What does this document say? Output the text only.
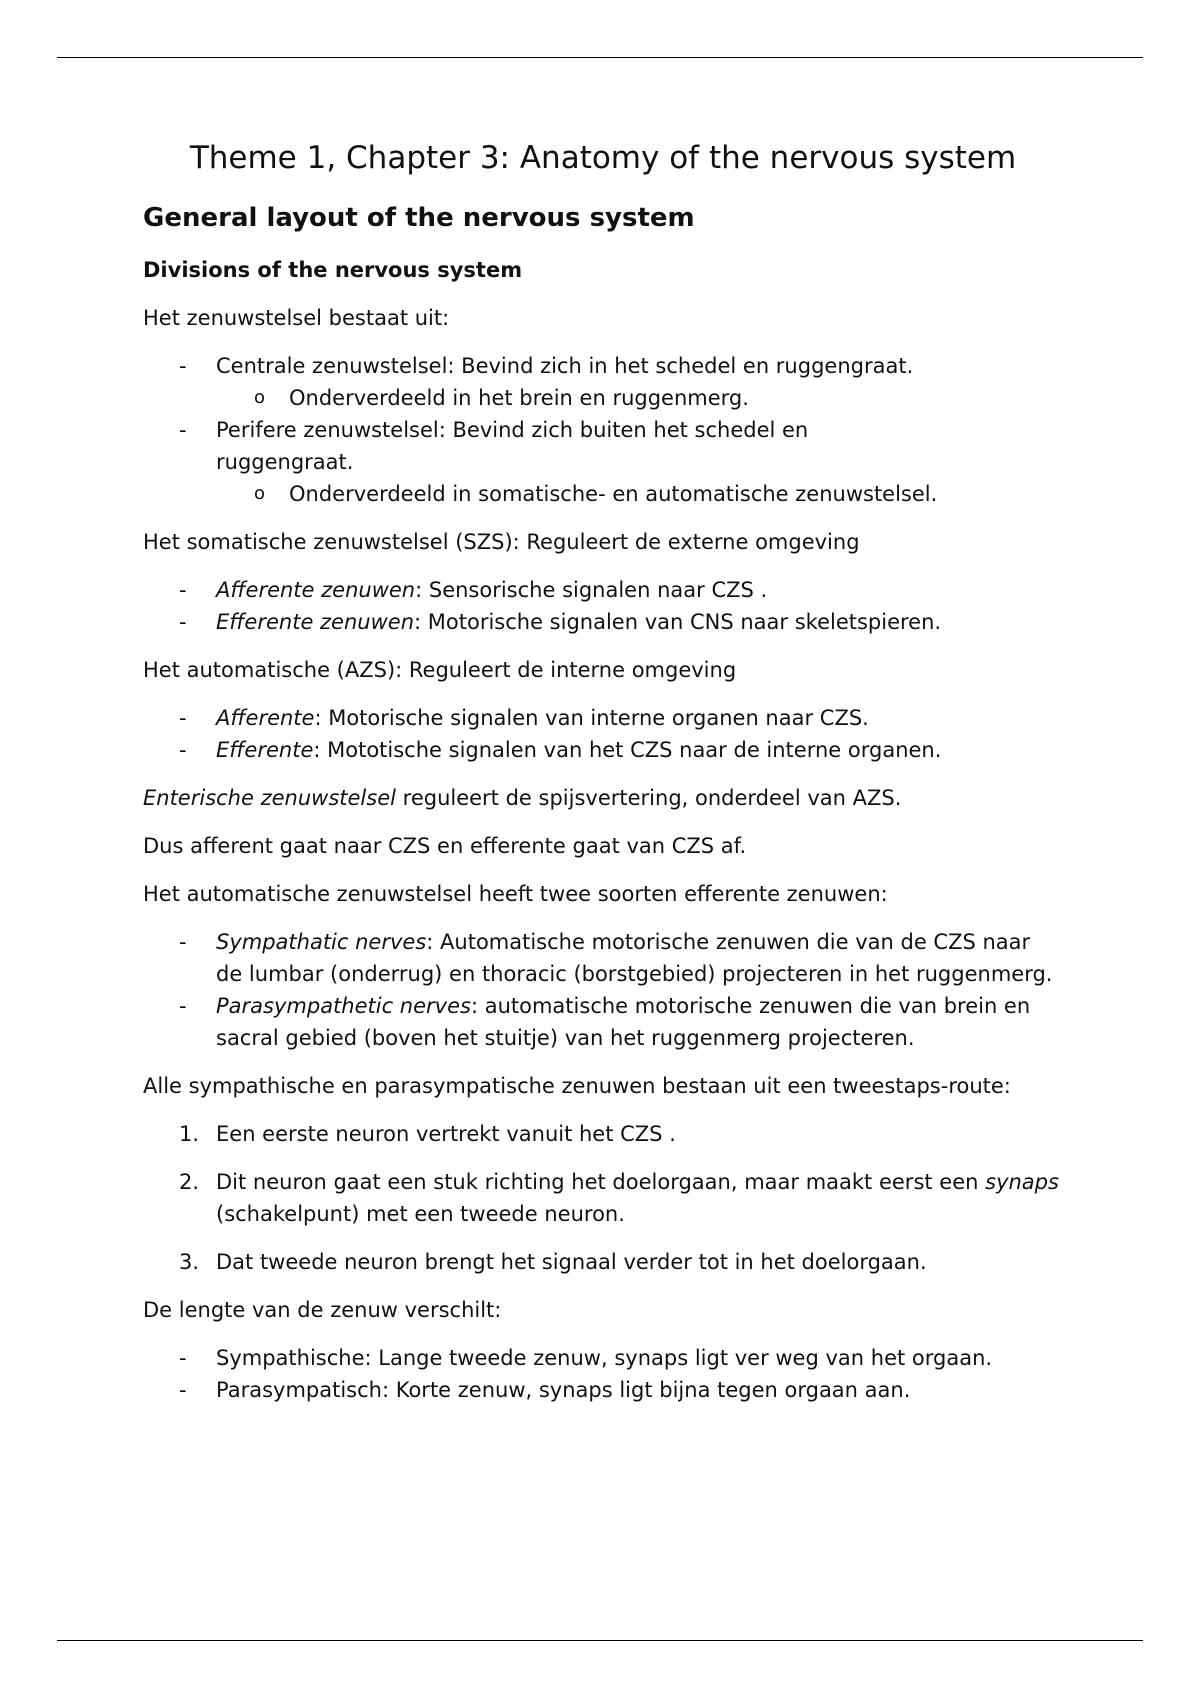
Theme 1, Chapter 3: Anatomy of the nervous system
General layout of the nervous system
Divisions of the nervous system

Het zenuwstelsel bestaat uit:

- Centrale zenuwstelsel: Bevind zich in het schedel en ruggengraat.
o Onderverdeeld in het brein en ruggenmerg.
- Perifere zenuwstelsel: Bevind zich buiten het schedel en ruggengraat.
o Onderverdeeld in somatische- en automatische zenuwstelsel.

Het somatische zenuwstelsel (SZS): Reguleert de externe omgeving

- Afferente zenuwen: Sensorische signalen naar CZS .
- Efferente zenuwen: Motorische signalen van CNS naar skeletspieren.

Het automatische (AZS): Reguleert de interne omgeving

- Afferente: Motorische signalen van interne organen naar CZS.
- Efferente: Mototische signalen van het CZS naar de interne organen.

Enterische zenuwstelsel reguleert de spijsvertering, onderdeel van AZS.

Dus afferent gaat naar CZS en efferente gaat van CZS af.

Het automatische zenuwstelsel heeft twee soorten efferente zenuwen:

- Sympathatic nerves: Automatische motorische zenuwen die van de CZS naar de lumbar (onderrug) en thoracic (borstgebied) projecteren in het ruggenmerg.
- Parasympathetic nerves: automatische motorische zenuwen die van brein en sacral gebied (boven het stuitje) van het ruggenmerg projecteren.

Alle sympathische en parasympatische zenuwen bestaan uit een tweestaps-route:

1. Een eerste neuron vertrekt vanuit het CZS .
2. Dit neuron gaat een stuk richting het doelorgaan, maar maakt eerst een synaps (schakelpunt) met een tweede neuron.
3. Dat tweede neuron brengt het signaal verder tot in het doelorgaan.

De lengte van de zenuw verschilt:

- Sympathische: Lange tweede zenuw, synaps ligt ver weg van het orgaan.
- Parasympatisch: Korte zenuw, synaps ligt bijna tegen orgaan aan.
